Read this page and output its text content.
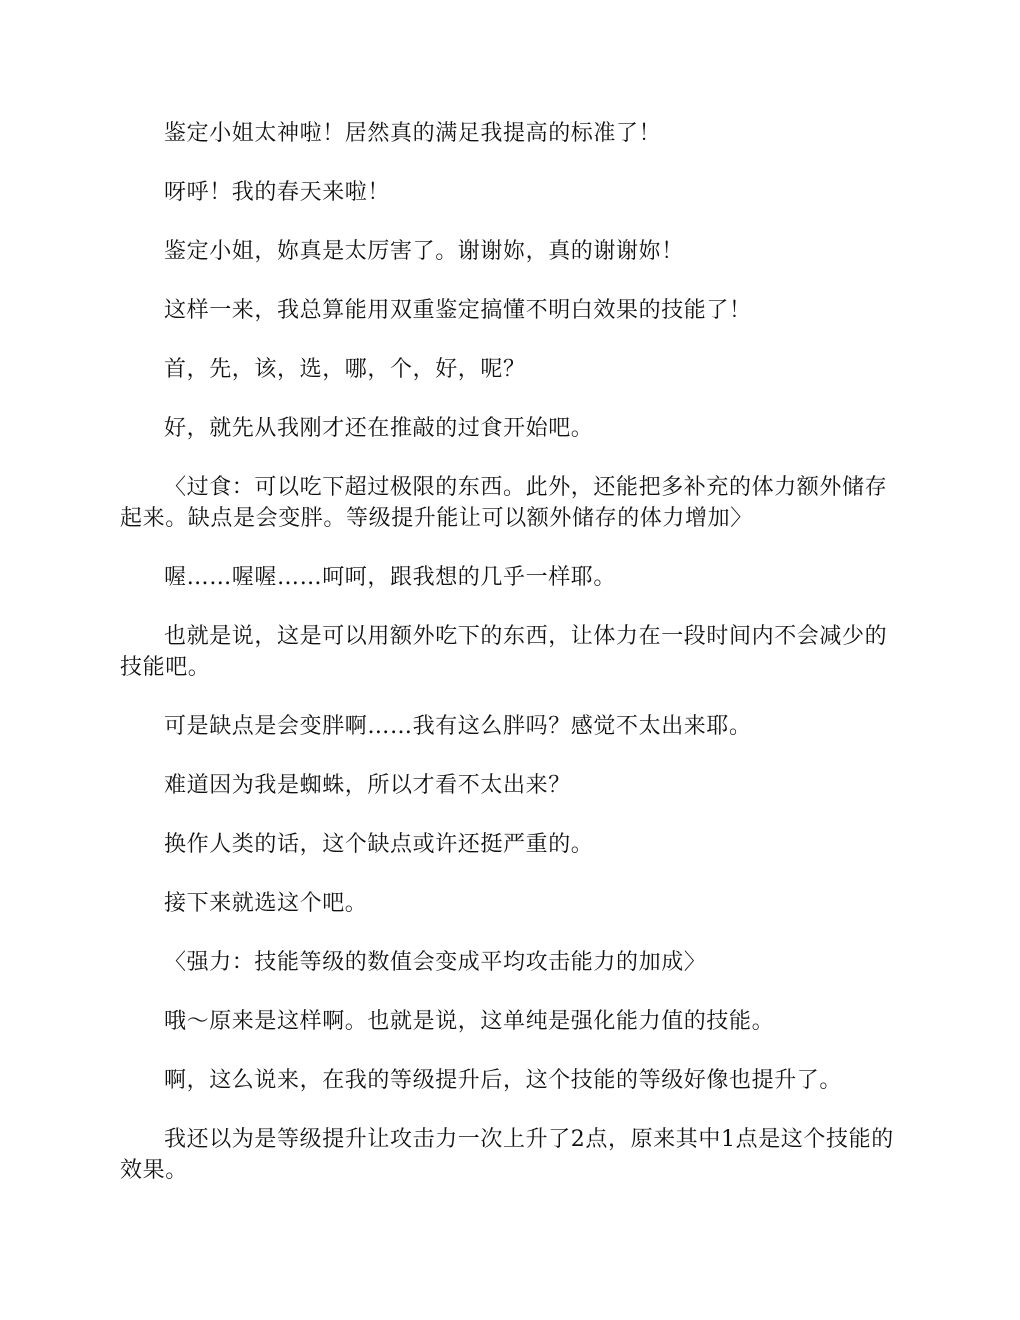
鉴定小姐太神啦！居然真的满足我提高的标准了！

呀呼！我的春天来啦！

鉴定小姐，妳真是太厉害了。谢谢妳，真的谢谢妳！

这样一来，我总算能用双重鉴定搞懂不明白效果的技能了！

首，先，该，选，哪，个，好，呢？

好，就先从我刚才还在推敲的过食开始吧。

〈过食：可以吃下超过极限的东西。此外，还能把多补充的体力额外储存起来。缺点是会变胖。等级提升能让可以额外储存的体力增加〉

喔……喔喔……呵呵，跟我想的几乎一样耶。

也就是说，这是可以用额外吃下的东西，让体力在一段时间内不会减少的技能吧。

可是缺点是会变胖啊……我有这么胖吗？感觉不太出来耶。

难道因为我是蜘蛛，所以才看不太出来？

换作人类的话，这个缺点或许还挺严重的。

接下来就选这个吧。

〈强力：技能等级的数值会变成平均攻击能力的加成〉

哦～原来是这样啊。也就是说，这单纯是强化能力值的技能。

啊，这么说来，在我的等级提升后，这个技能的等级好像也提升了。

我还以为是等级提升让攻击力一次上升了2点，原来其中1点是这个技能的效果。
